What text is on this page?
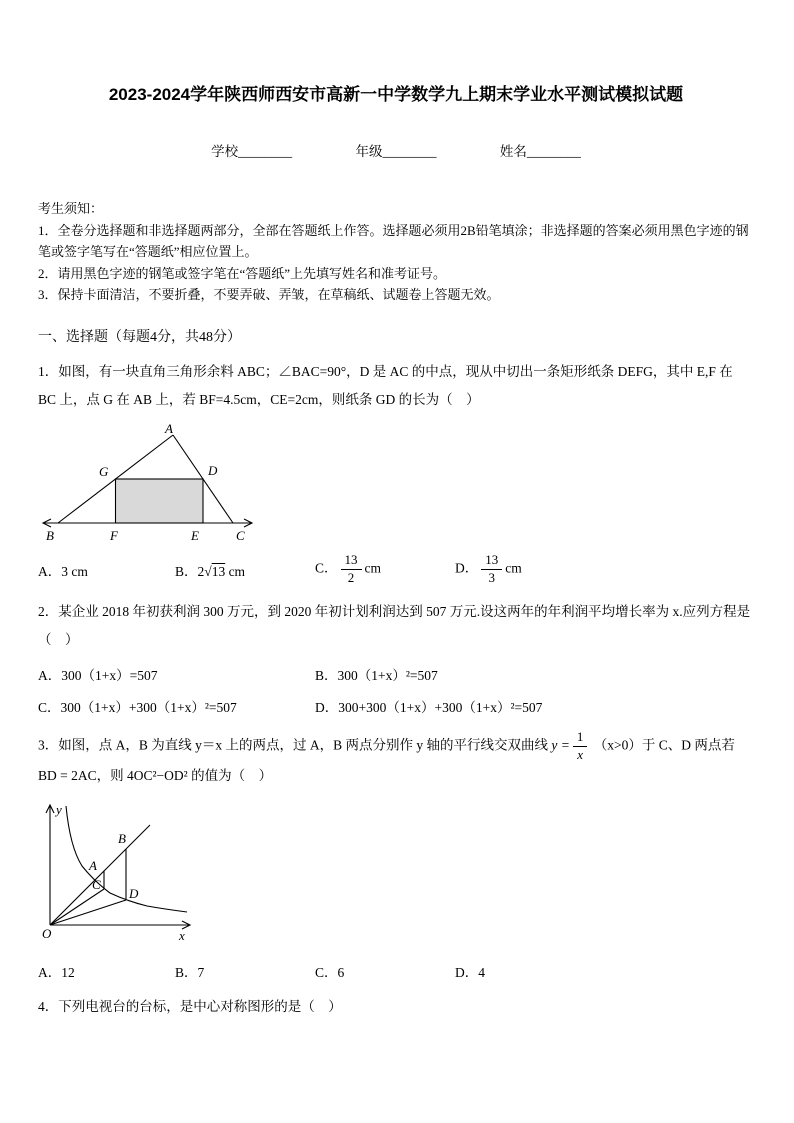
2023-2024学年陕西师西安市高新一中学数学九上期末学业水平测试模拟试题
学校________	年级________	姓名________
考生须知：
1．全卷分选择题和非选择题两部分，全部在答题纸上作答。选择题必须用2B铅笔填涂；非选择题的答案必须用黑色字迹的钢笔或签字笔写在“答题纸”相应位置上。
2．请用黑色字迹的钢笔或签字笔在“答题纸”上先填写姓名和准考证号。
3．保持卡面清洁，不要折叠，不要弄破、弄皱，在草稿纸、试题卷上答题无效。
一、选择题（每题4分，共48分）

1．如图，有一块直角三角形余料 ABC；∠BAC=90°，D 是 AC 的中点，现从中切出一条矩形纸条 DEFG，其中 E,F 在 BC 上，点 G 在 AB 上，若 BF=4.5cm，CE=2cm，则纸条 GD 的长为（　）

A
B	C
D
E
F
G
A．3 cm	B．2√13 cm	C． $\frac{13}{2}$ cm	D． $\frac{13}{3}$ cm

2．某企业 2018 年初获利润 300 万元，到 2020 年初计划利润达到 507 万元.设这两年的年利润平均增长率为 x.应列方程是（　）

A．300（1+x）=507	B．300（1+x）²=507
C．300（1+x）+300（1+x）²=507	D．300+300（1+x）+300（1+x）²=507

3．如图，点 A，B 为直线 y＝x 上的两点，过 A，B 两点分别作 y 轴的平行线交双曲线 $y = \frac{1}{x} (x>0)$于 C、D 两点若 BD = 2AC，则 4OC²−OD² 的值为（　）

y
x
O
A
B
C
D
A．12	B．7	C．6	D．4

4．下列电视台的台标，是中心对称图形的是（　）
